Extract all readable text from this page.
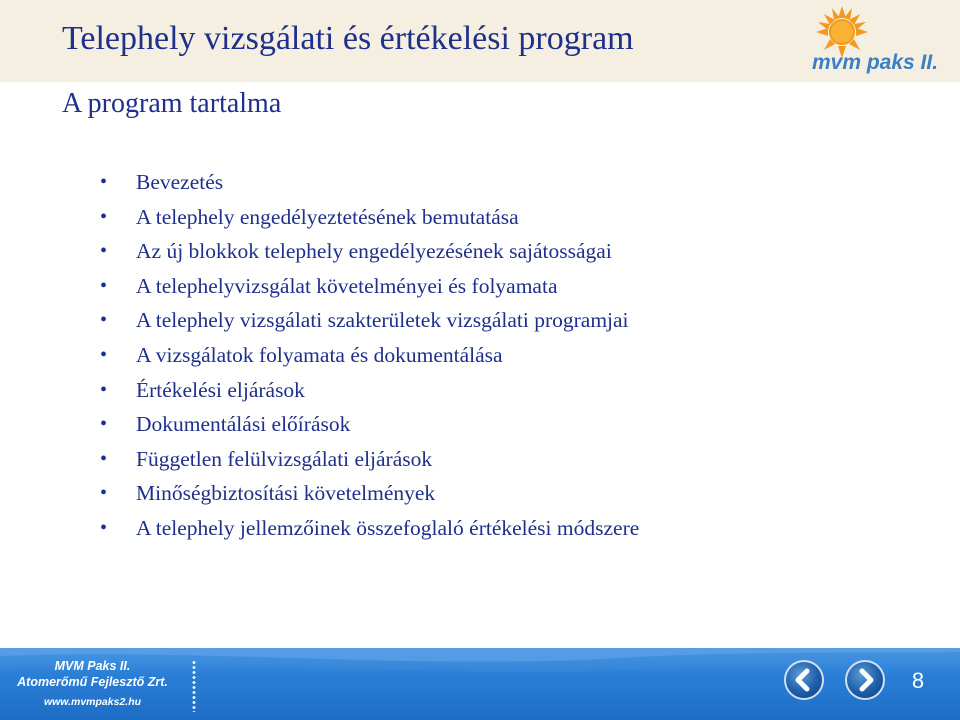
Telephely vizsgálati és értékelési program
mvm paks II.
A program tartalma
• Bevezetés
• A telephely engedélyeztetésének bemutatása
• Az új blokkok telephely engedélyezésének sajátosságai
• A telephelyvizsgálat követelményei és folyamata
• A telephely vizsgálati szakterületek vizsgálati programjai
• A vizsgálatok folyamata és dokumentálása
• Értékelési eljárások
• Dokumentálási előírások
• Független felülvizsgálati eljárások
• Minőségbiztosítási követelmények
• A telephely jellemzőinek összefoglaló értékelési módszere
MVM Paks II.
Atomerőmű Fejlesztő Zrt.
www.mvmpaks2.hu
8
